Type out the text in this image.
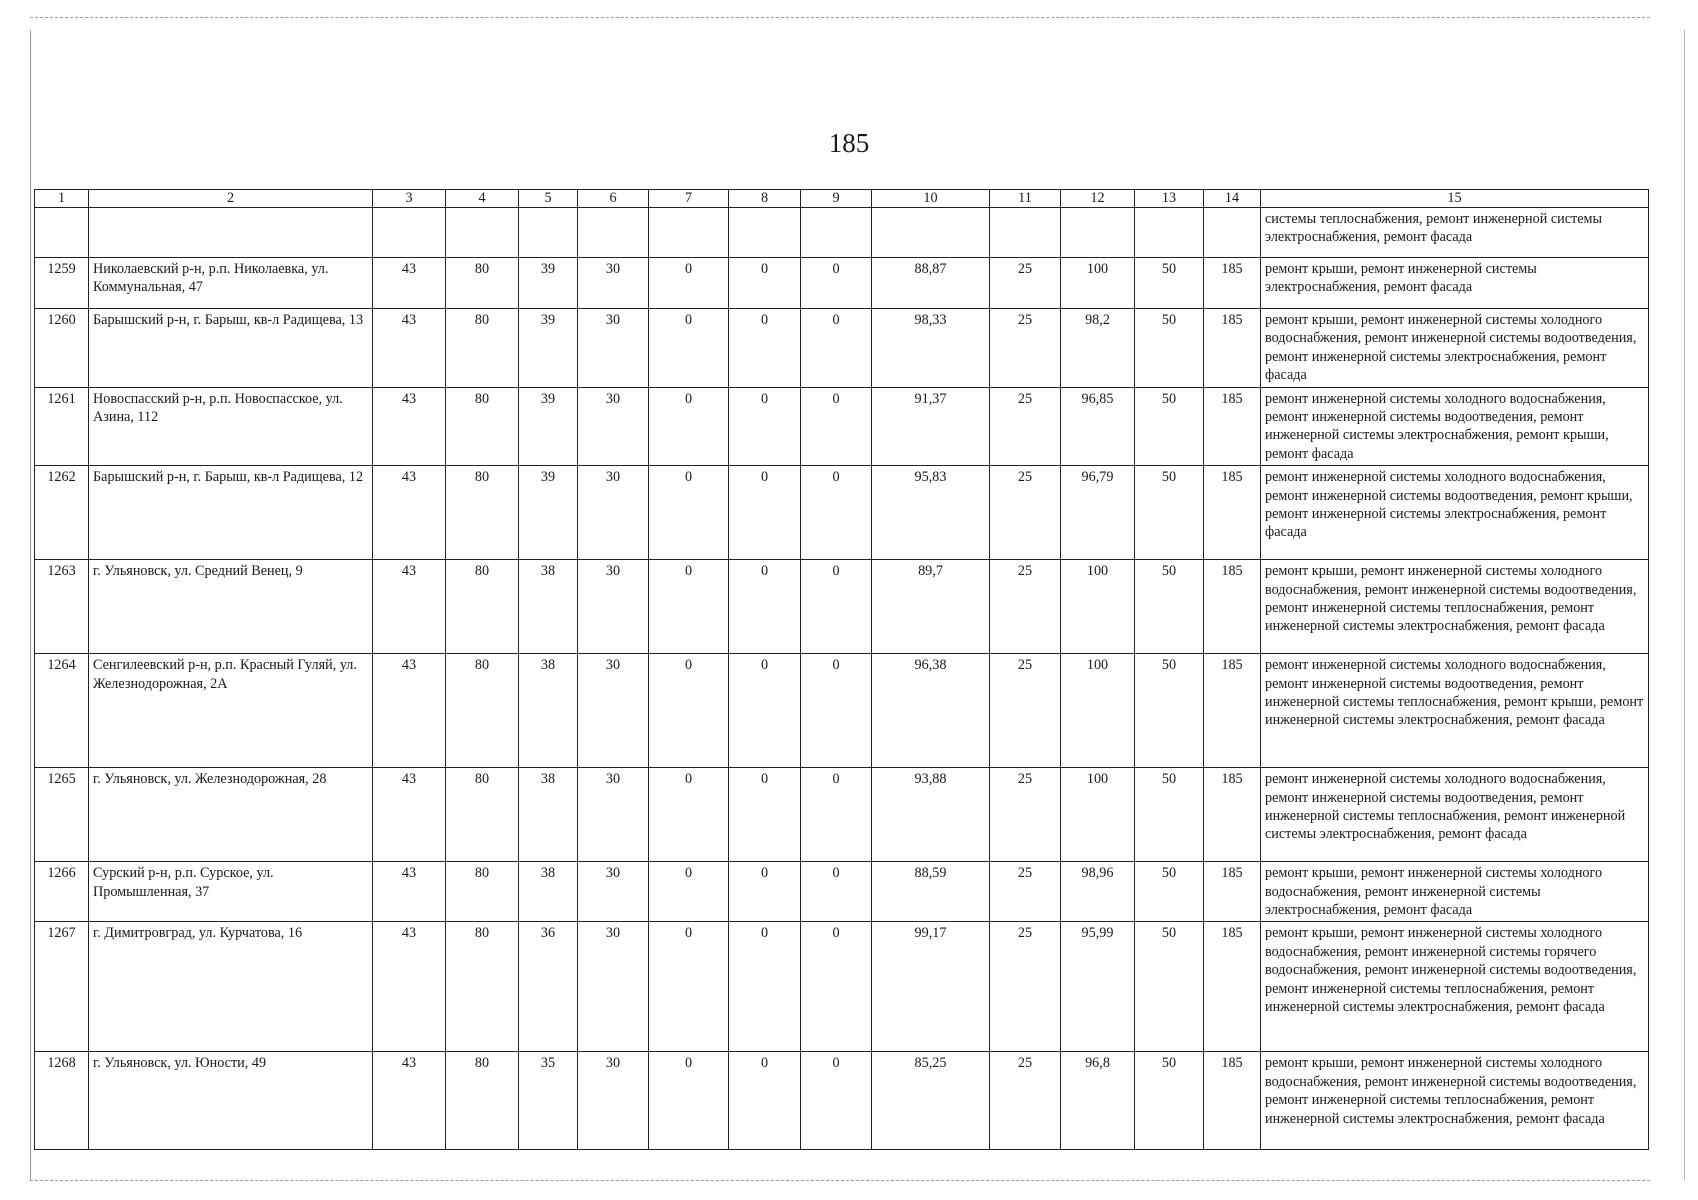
185
1	2	3	4	5	6	7	8	9	10	11	12	13	14	15
														системы теплоснабжения, ремонт инженерной системы электроснабжения, ремонт фасада
1259	Николаевский р-н, р.п. Николаевка, ул. Коммунальная, 47	43	80	39	30	0	0	0	88,87	25	100	50	185	ремонт крыши, ремонт инженерной системы электроснабжения, ремонт фасада
1260	Барышский р-н, г. Барыш, кв-л Радищева, 13	43	80	39	30	0	0	0	98,33	25	98,2	50	185	ремонт крыши, ремонт инженерной системы холодного водоснабжения, ремонт инженерной системы водоотведения, ремонт инженерной системы электроснабжения, ремонт фасада
1261	Новоспасский р-н, р.п. Новоспасское, ул. Азина, 112	43	80	39	30	0	0	0	91,37	25	96,85	50	185	ремонт инженерной системы холодного водоснабжения, ремонт инженерной системы водоотведения, ремонт инженерной системы электроснабжения, ремонт крыши, ремонт фасада
1262	Барышский р-н, г. Барыш, кв-л Радищева, 12	43	80	39	30	0	0	0	95,83	25	96,79	50	185	ремонт инженерной системы холодного водоснабжения, ремонт инженерной системы водоотведения, ремонт крыши, ремонт инженерной системы электроснабжения, ремонт фасада
1263	г. Ульяновск, ул. Средний Венец, 9	43	80	38	30	0	0	0	89,7	25	100	50	185	ремонт крыши, ремонт инженерной системы холодного водоснабжения, ремонт инженерной системы водоотведения, ремонт инженерной системы теплоснабжения, ремонт инженерной системы электроснабжения, ремонт фасада
1264	Сенгилеевский р-н, р.п. Красный Гуляй, ул. Железнодорожная, 2А	43	80	38	30	0	0	0	96,38	25	100	50	185	ремонт инженерной системы холодного водоснабжения, ремонт инженерной системы водоотведения, ремонт инженерной системы теплоснабжения, ремонт крыши, ремонт инженерной системы электроснабжения, ремонт фасада
1265	г. Ульяновск, ул. Железнодорожная, 28	43	80	38	30	0	0	0	93,88	25	100	50	185	ремонт инженерной системы холодного водоснабжения, ремонт инженерной системы водоотведения, ремонт инженерной системы теплоснабжения, ремонт инженерной системы электроснабжения, ремонт фасада
1266	Сурский р-н, р.п. Сурское, ул. Промышленная, 37	43	80	38	30	0	0	0	88,59	25	98,96	50	185	ремонт крыши, ремонт инженерной системы холодного водоснабжения, ремонт инженерной системы электроснабжения, ремонт фасада
1267	г. Димитровград, ул. Курчатова, 16	43	80	36	30	0	0	0	99,17	25	95,99	50	185	ремонт крыши, ремонт инженерной системы холодного водоснабжения, ремонт инженерной системы горячего водоснабжения, ремонт инженерной системы водоотведения, ремонт инженерной системы теплоснабжения, ремонт инженерной системы электроснабжения, ремонт фасада
1268	г. Ульяновск, ул. Юности, 49	43	80	35	30	0	0	0	85,25	25	96,8	50	185	ремонт крыши, ремонт инженерной системы холодного водоснабжения, ремонт инженерной системы водоотведения, ремонт инженерной системы теплоснабжения, ремонт инженерной системы электроснабжения, ремонт фасада
